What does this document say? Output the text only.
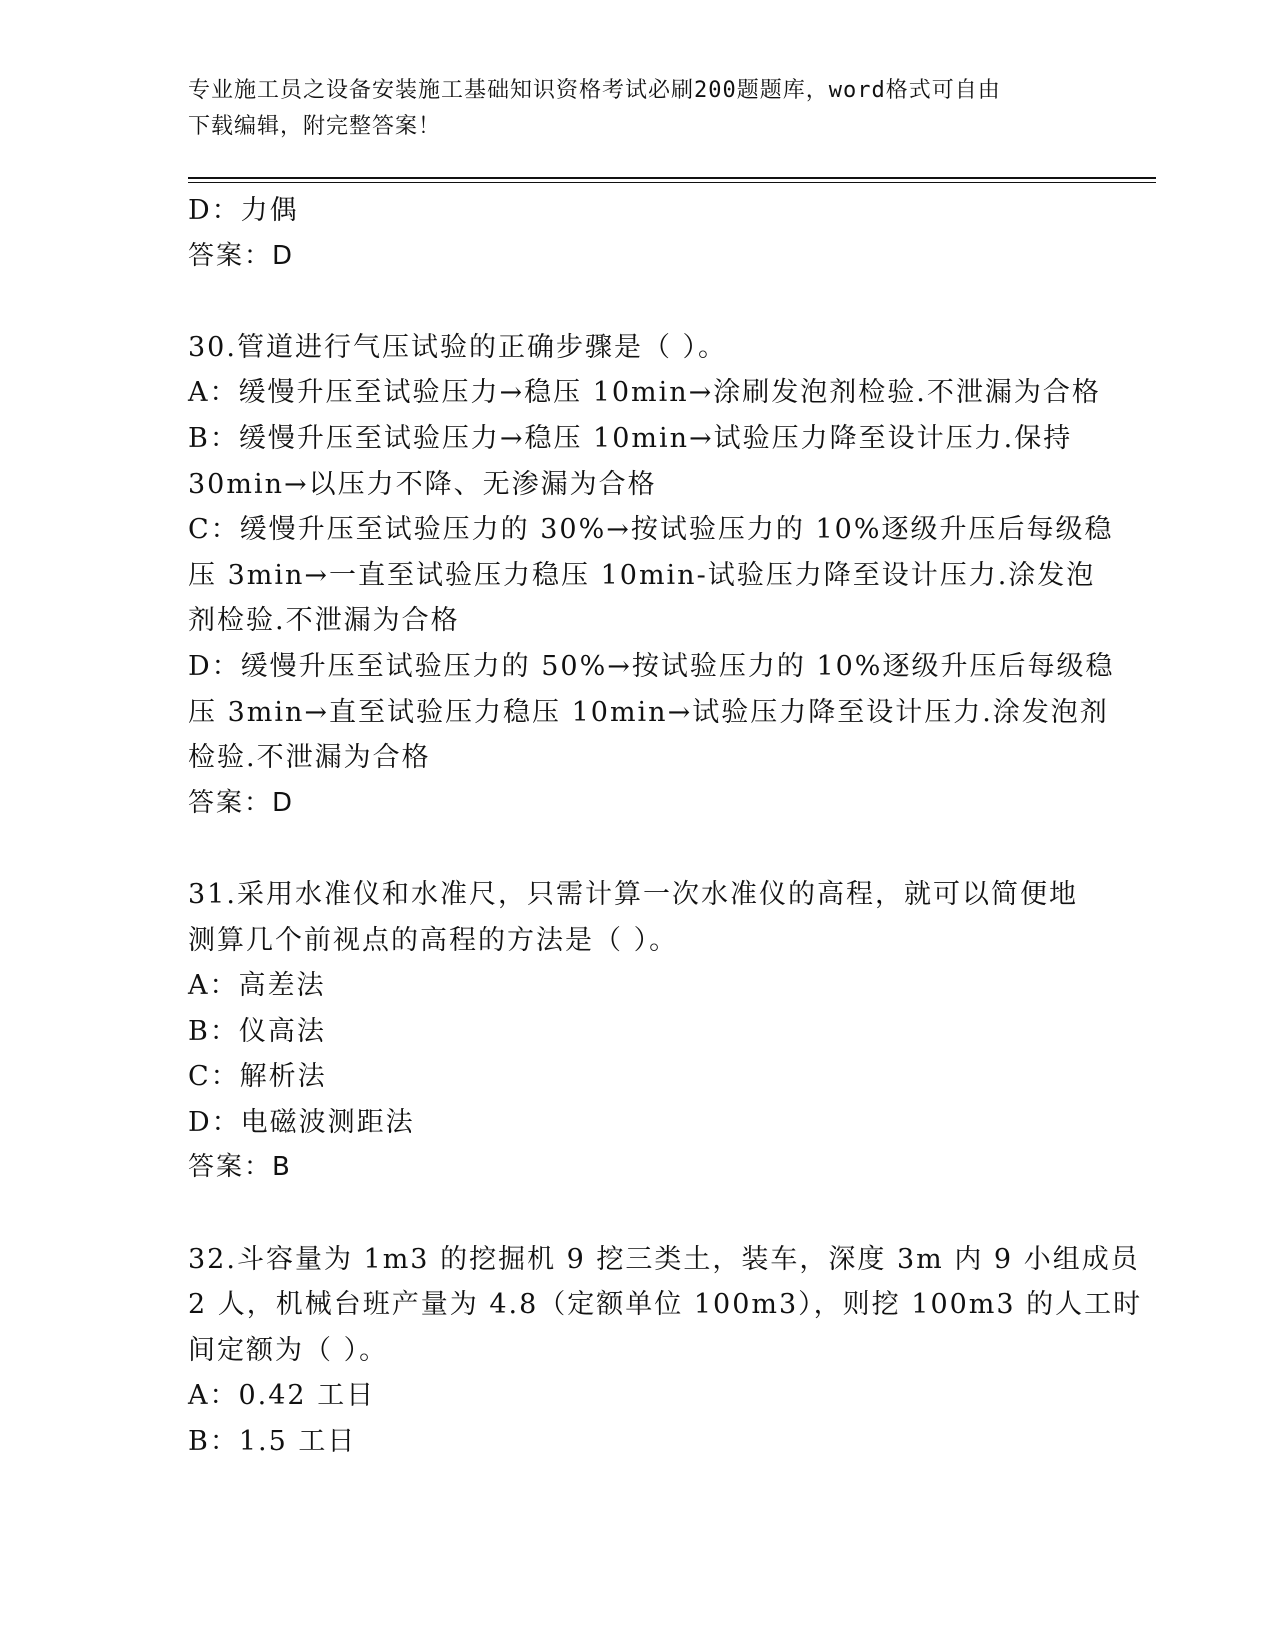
专业施工员之设备安装施工基础知识资格考试必刷200题题库，word格式可自由
下载编辑，附完整答案！
D：力偶
答案：D
30.管道进行气压试验的正确步骤是（ ）。
A：缓慢升压至试验压力→稳压 10min→涂刷发泡剂检验.不泄漏为合格
B：缓慢升压至试验压力→稳压 10min→试验压力降至设计压力.保持
30min→以压力不降、无渗漏为合格
C：缓慢升压至试验压力的 30%→按试验压力的 10%逐级升压后每级稳
压 3min→一直至试验压力稳压 10min-试验压力降至设计压力.涂发泡
剂检验.不泄漏为合格
D：缓慢升压至试验压力的 50%→按试验压力的 10%逐级升压后每级稳
压 3min→直至试验压力稳压 10min→试验压力降至设计压力.涂发泡剂
检验.不泄漏为合格
答案：D
31.采用水准仪和水准尺，只需计算一次水准仪的高程，就可以简便地
测算几个前视点的高程的方法是（ ）。
A：高差法
B：仪高法
C：解析法
D：电磁波测距法
答案：B
32.斗容量为 1m3 的挖掘机 9 挖三类土，装车，深度 3m 内 9 小组成员
2 人，机械台班产量为 4.8（定额单位 100m3），则挖 100m3 的人工时
间定额为（ ）。
A：0.42 工日
B：1.5 工日
